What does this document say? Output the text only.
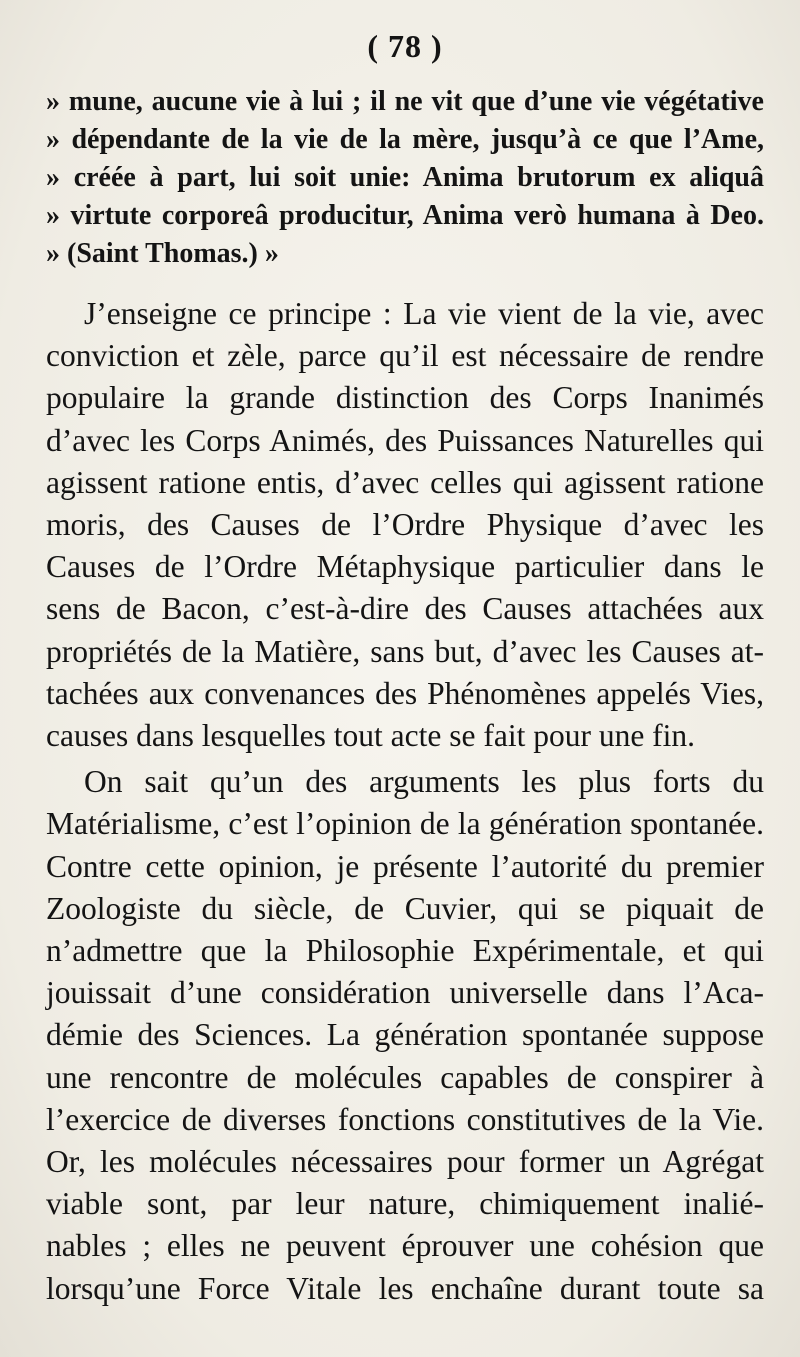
( 78 )
» mune, aucune vie à lui ; il ne vit que d’une vie végétative
» dépendante de la vie de la mère, jusqu’à ce que l’Ame,
» créée à part, lui soit unie: Anima brutorum ex aliquâ
» virtute corporeâ producitur, Anima verò humana à Deo.
» (Saint Thomas.) »
J’enseigne ce principe : La vie vient de la vie, avec
conviction et zèle, parce qu’il est nécessaire de rendre
populaire la grande distinction des Corps Inanimés
d’avec les Corps Animés, des Puissances Naturelles qui
agissent ratione entis, d’avec celles qui agissent ratione
moris, des Causes de l’Ordre Physique d’avec les
Causes de l’Ordre Métaphysique particulier dans le
sens de Bacon, c’est-à-dire des Causes attachées aux
propriétés de la Matière, sans but, d’avec les Causes at-
tachées aux convenances des Phénomènes appelés Vies,
causes dans lesquelles tout acte se fait pour une fin.
On sait qu’un des arguments les plus forts du
Matérialisme, c’est l’opinion de la génération spontanée.
Contre cette opinion, je présente l’autorité du premier
Zoologiste du siècle, de Cuvier, qui se piquait de
n’admettre que la Philosophie Expérimentale, et qui
jouissait d’une considération universelle dans l’Aca-
démie des Sciences. La génération spontanée suppose
une rencontre de molécules capables de conspirer à
l’exercice de diverses fonctions constitutives de la Vie.
Or, les molécules nécessaires pour former un Agrégat
viable sont, par leur nature, chimiquement inalié-
nables ; elles ne peuvent éprouver une cohésion que
lorsqu’une Force Vitale les enchaîne durant toute sa
